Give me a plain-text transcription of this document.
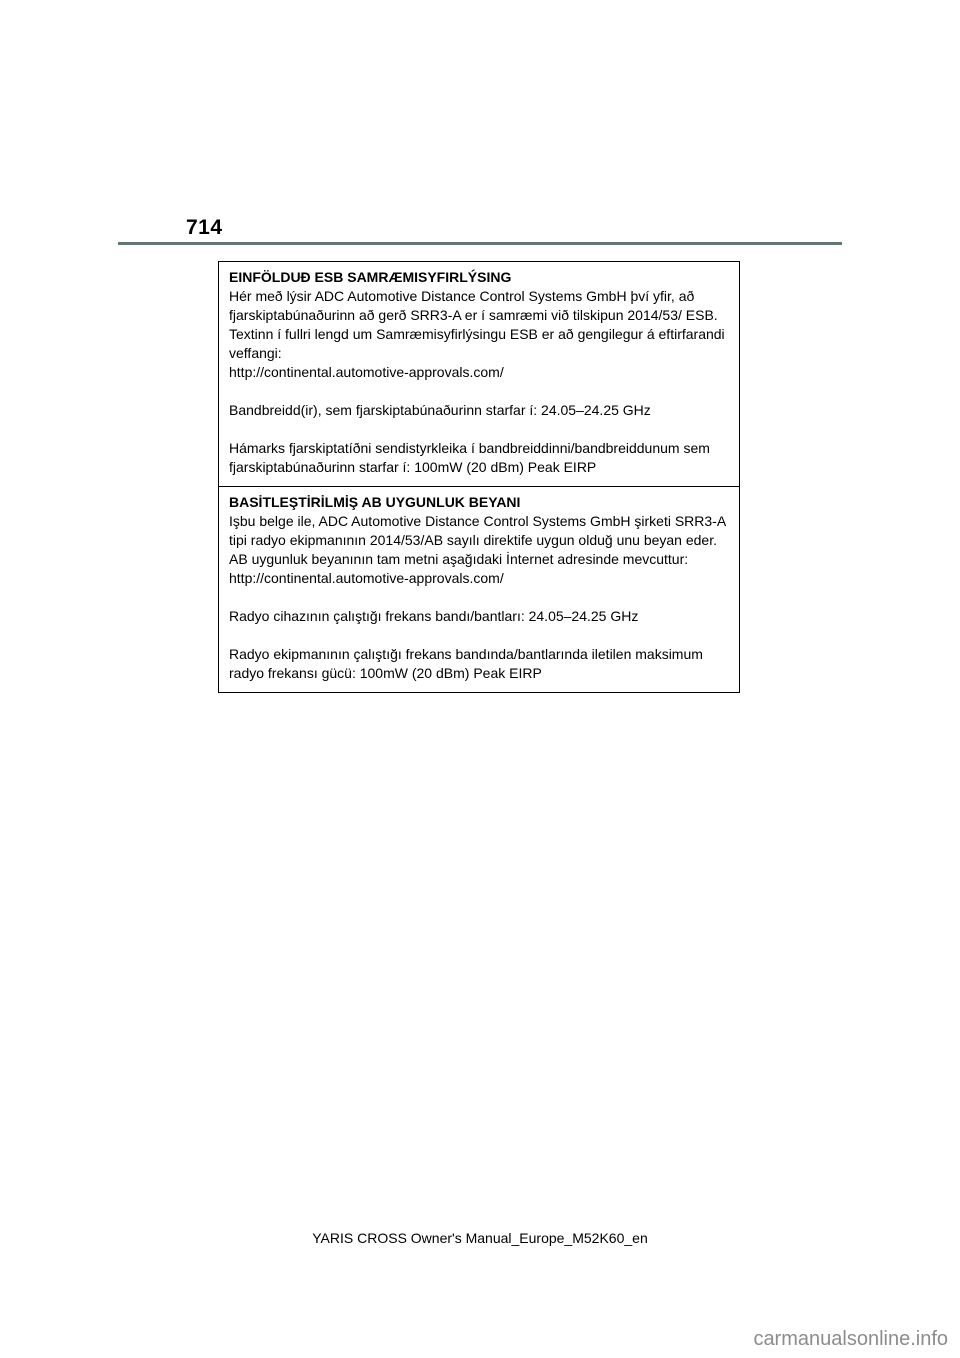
714
EINFÖLDUÐ ESB SAMRÆMISYFIRLÝSING

Hér með lýsir ADC Automotive Distance Control Systems GmbH því yfir, að fjarskiptabúnaðurinn að gerð SRR3-A er í samræmi við tilskipun 2014/53/ ESB. Textinn í fullri lengd um Samræmisyfirlýsingu ESB er að gengilegur á eftirfarandi veffangi:

http://continental.automotive-approvals.com/

Bandbreidd(ir), sem fjarskiptabúnaðurinn starfar í: 24.05–24.25 GHz

Hámarks fjarskiptatíðni sendistyrkleika í bandbreiddinni/bandbreiddunum sem fjarskiptabúnaðurinn starfar í: 100mW (20 dBm) Peak EIRP

BASİTLEŞTİRİLMİŞ AB UYGUNLUK BEYANI

Işbu belge ile, ADC Automotive Distance Control Systems GmbH şirketi SRR3-A tipi radyo ekipmanının 2014/53/AB sayılı direktife uygun olduğ unu beyan eder. AB uygunluk beyanının tam metni aşağıdaki İnternet adresinde mevcuttur:

http://continental.automotive-approvals.com/

Radyo cihazının çalıştığı frekans bandı/bantları: 24.05–24.25 GHz

Radyo ekipmanının çalıştığı frekans bandında/bantlarında iletilen maksimum radyo frekansı gücü: 100mW (20 dBm) Peak EIRP

YARIS CROSS Owner's Manual_Europe_M52K60_en
carmanualsonline.info
